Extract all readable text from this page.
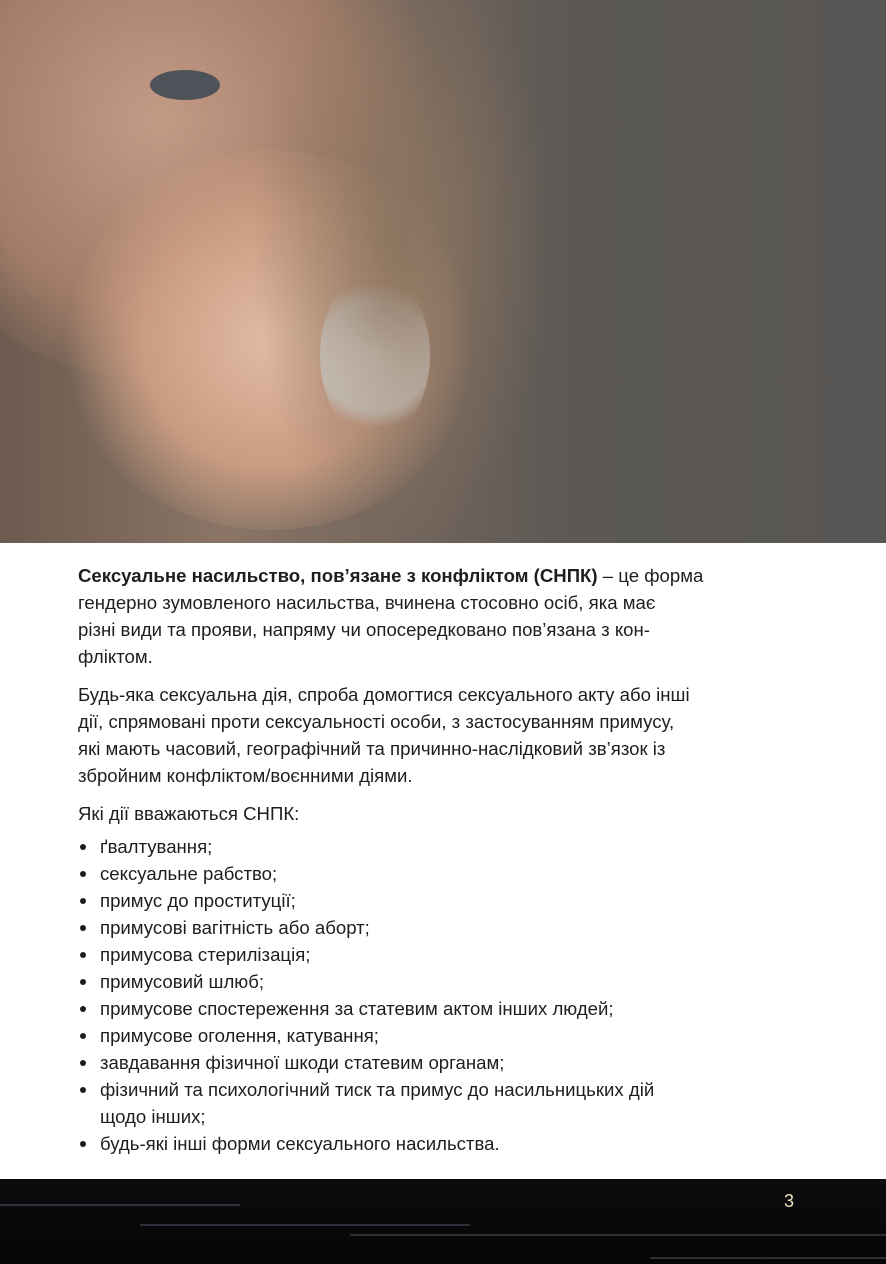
Сексуальне насильство, пов’язане з конфліктом (СНПК) – це форма
гендерно зумовленого насильства, вчинена стосовно осіб, яка має
різні види та прояви, напряму чи опосередковано пов’язана з кон-
фліктом.

Будь-яка сексуальна дія, спроба домогтися сексуального акту або інші
дії, спрямовані проти сексуальності особи, з застосуванням примусу,
які мають часовий, географічний та причинно-наслідковий зв’язок із
збройним конфліктом/воєнними діями.

Які дії вважаються СНПК:

ґвалтування;
сексуальне рабство;
примус до проституції;
примусові вагітність або аборт;
примусова стерилізація;
примусовий шлюб;
примусове спостереження за статевим актом інших людей;
примусове оголення, катування;
завдавання фізичної шкоди статевим органам;
фізичний та психологічний тиск та примус до насильницьких дій
щодо інших;
будь-які інші форми сексуального насильства.
3
